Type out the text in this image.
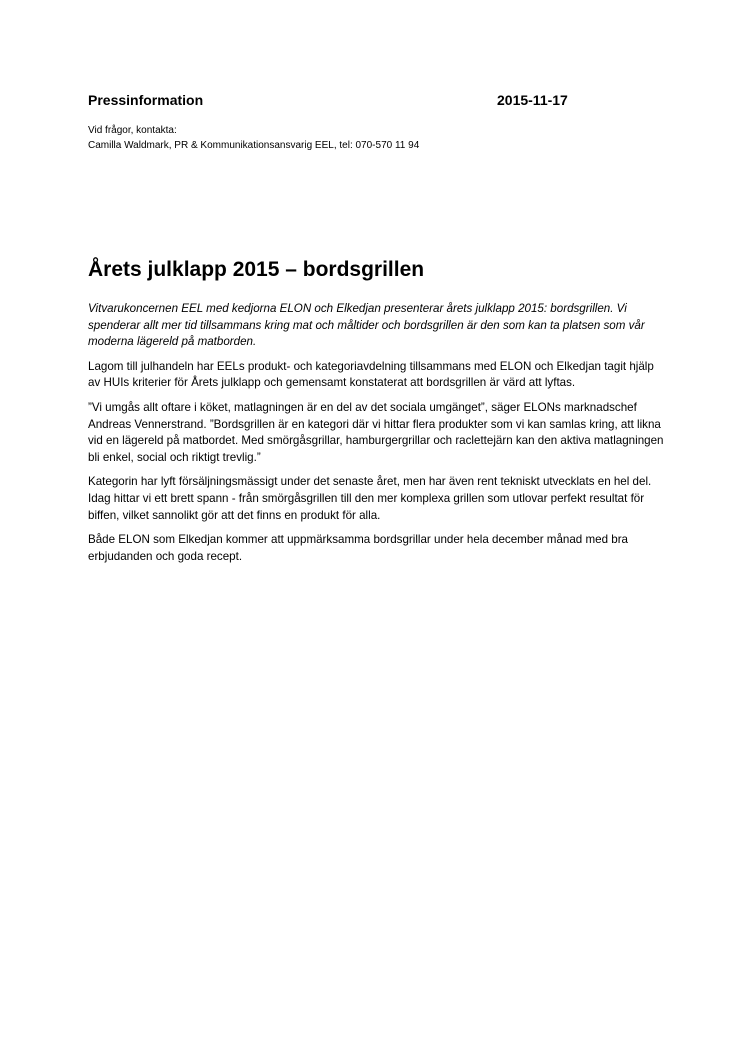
Pressinformation	2015-11-17
Vid frågor, kontakta:
Camilla Waldmark, PR & Kommunikationsansvarig EEL, tel: 070-570 11 94
Årets julklapp 2015 – bordsgrillen

Vitvarukoncernen EEL med kedjorna ELON och Elkedjan presenterar årets julklapp 2015: bordsgrillen. Vi spenderar allt mer tid tillsammans kring mat och måltider och bordsgrillen är den som kan ta platsen som vår moderna lägereld på matborden.

Lagom till julhandeln har EELs produkt- och kategoriavdelning tillsammans med ELON och Elkedjan tagit hjälp av HUIs kriterier för Årets julklapp och gemensamt konstaterat att bordsgrillen är värd att lyftas.

”Vi umgås allt oftare i köket, matlagningen är en del av det sociala umgänget”, säger ELONs marknadschef Andreas Vennerstrand. ”Bordsgrillen är en kategori där vi hittar flera produkter som vi kan samlas kring, att likna vid en lägereld på matbordet. Med smörgåsgrillar, hamburgergrillar och raclettejärn kan den aktiva matlagningen bli enkel, social och riktigt trevlig.”

Kategorin har lyft försäljningsmässigt under det senaste året, men har även rent tekniskt utvecklats en hel del. Idag hittar vi ett brett spann - från smörgåsgrillen till den mer komplexa grillen som utlovar perfekt resultat för biffen, vilket sannolikt gör att det finns en produkt för alla.

Både ELON som Elkedjan kommer att uppmärksamma bordsgrillar under hela december månad med bra erbjudanden och goda recept.
